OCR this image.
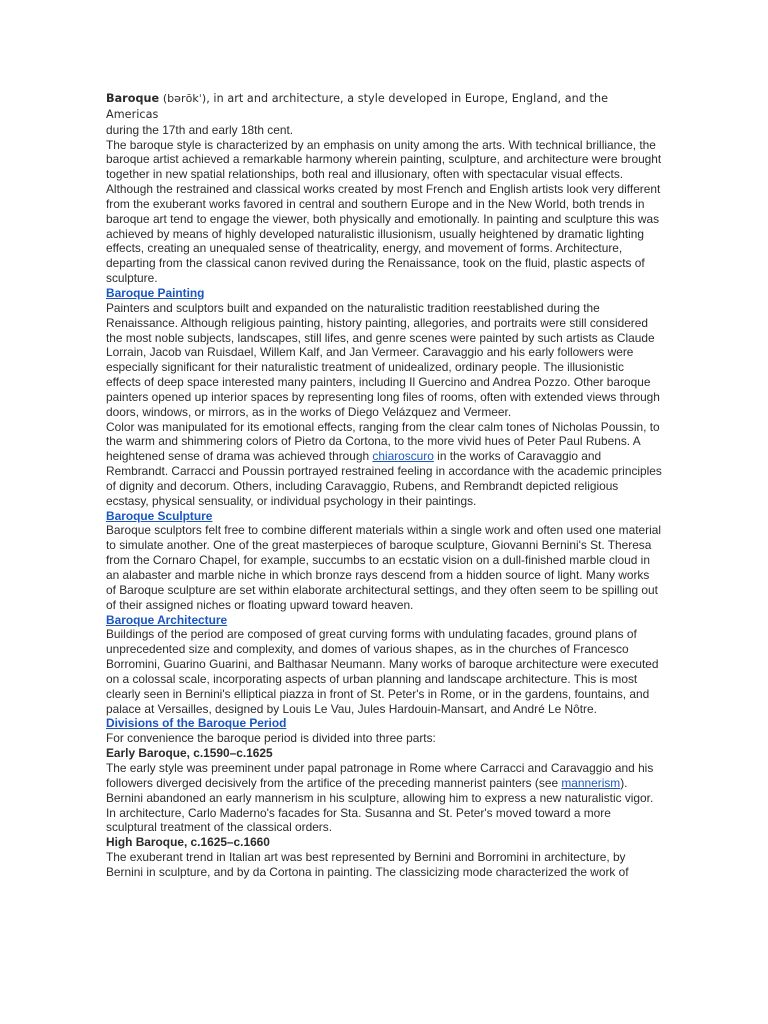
Baroque (bərōkˈ), in art and architecture, a style developed in Europe, England, and the Americas
during the 17th and early 18th cent.

The baroque style is characterized by an emphasis on unity among the arts. With technical brilliance, the baroque artist achieved a remarkable harmony wherein painting, sculpture, and architecture were brought together in new spatial relationships, both real and illusionary, often with spectacular visual effects. Although the restrained and classical works created by most French and English artists look very different from the exuberant works favored in central and southern Europe and in the New World, both trends in baroque art tend to engage the viewer, both physically and emotionally. In painting and sculpture this was achieved by means of highly developed naturalistic illusionism, usually heightened by dramatic lighting effects, creating an unequaled sense of theatricality, energy, and movement of forms. Architecture, departing from the classical canon revived during the Renaissance, took on the fluid, plastic aspects of sculpture.

Baroque Painting

Painters and sculptors built and expanded on the naturalistic tradition reestablished during the Renaissance. Although religious painting, history painting, allegories, and portraits were still considered the most noble subjects, landscapes, still lifes, and genre scenes were painted by such artists as Claude Lorrain, Jacob van Ruisdael, Willem Kalf, and Jan Vermeer. Caravaggio and his early followers were especially significant for their naturalistic treatment of unidealized, ordinary people. The illusionistic effects of deep space interested many painters, including Il Guercino and Andrea Pozzo. Other baroque painters opened up interior spaces by representing long files of rooms, often with extended views through doors, windows, or mirrors, as in the works of Diego Velázquez and Vermeer.

Color was manipulated for its emotional effects, ranging from the clear calm tones of Nicholas Poussin, to the warm and shimmering colors of Pietro da Cortona, to the more vivid hues of Peter Paul Rubens. A heightened sense of drama was achieved through chiaroscuro in the works of Caravaggio and Rembrandt. Carracci and Poussin portrayed restrained feeling in accordance with the academic principles of dignity and decorum. Others, including Caravaggio, Rubens, and Rembrandt depicted religious ecstasy, physical sensuality, or individual psychology in their paintings.

Baroque Sculpture

Baroque sculptors felt free to combine different materials within a single work and often used one material to simulate another. One of the great masterpieces of baroque sculpture, Giovanni Bernini's St. Theresa from the Cornaro Chapel, for example, succumbs to an ecstatic vision on a dull-finished marble cloud in an alabaster and marble niche in which bronze rays descend from a hidden source of light. Many works of Baroque sculpture are set within elaborate architectural settings, and they often seem to be spilling out of their assigned niches or floating upward toward heaven.

Baroque Architecture

Buildings of the period are composed of great curving forms with undulating facades, ground plans of unprecedented size and complexity, and domes of various shapes, as in the churches of Francesco Borromini, Guarino Guarini, and Balthasar Neumann. Many works of baroque architecture were executed on a colossal scale, incorporating aspects of urban planning and landscape architecture. This is most clearly seen in Bernini's elliptical piazza in front of St. Peter's in Rome, or in the gardens, fountains, and palace at Versailles, designed by Louis Le Vau, Jules Hardouin-Mansart, and André Le Nôtre.

Divisions of the Baroque Period

For convenience the baroque period is divided into three parts:

Early Baroque, c.1590–c.1625

The early style was preeminent under papal patronage in Rome where Carracci and Caravaggio and his followers diverged decisively from the artifice of the preceding mannerist painters (see mannerism). Bernini abandoned an early mannerism in his sculpture, allowing him to express a new naturalistic vigor. In architecture, Carlo Maderno's facades for Sta. Susanna and St. Peter's moved toward a more sculptural treatment of the classical orders.

High Baroque, c.1625–c.1660

The exuberant trend in Italian art was best represented by Bernini and Borromini in architecture, by Bernini in sculpture, and by da Cortona in painting. The classicizing mode characterized the work of
